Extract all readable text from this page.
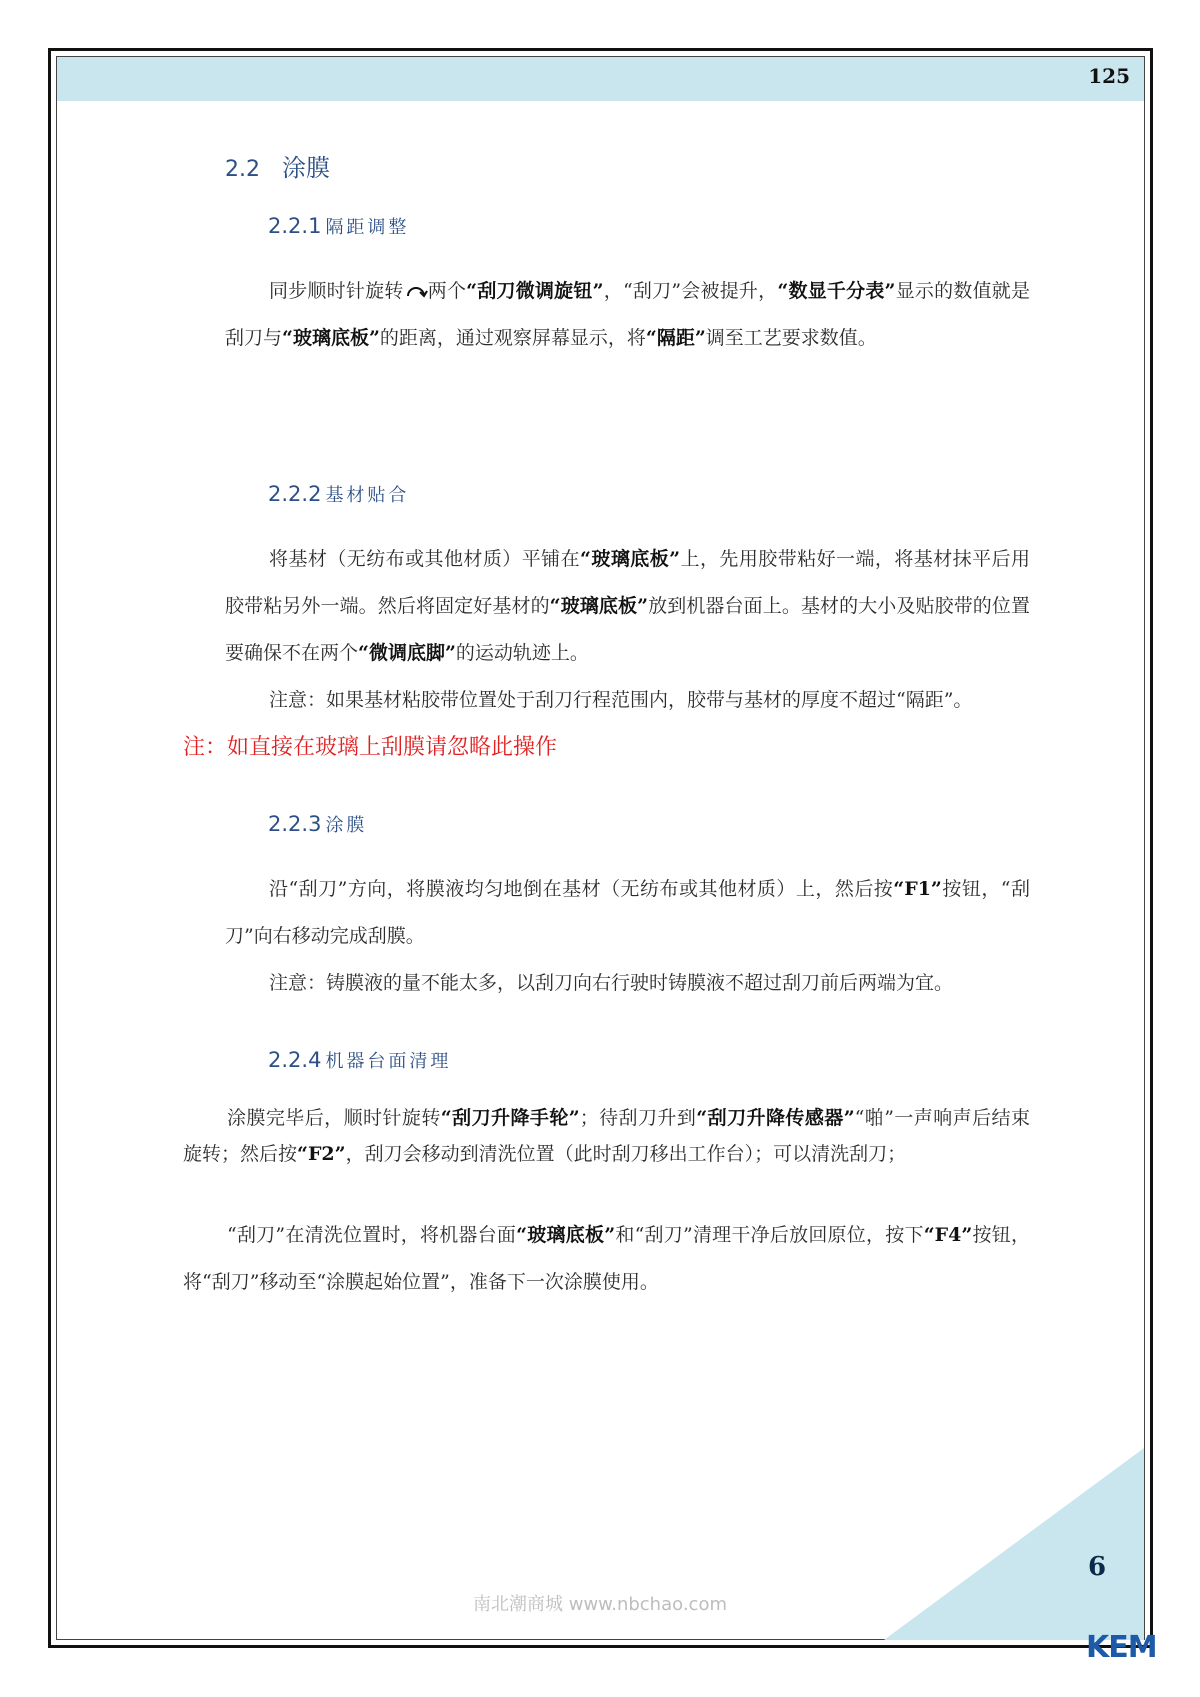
125
2.2 涂膜
2.2.1 隔距调整
同步顺时针旋转 两个“刮刀微调旋钮”，“刮刀”会被提升，“数显千分表”显示的数值就是刮刀与“玻璃底板”的距离，通过观察屏幕显示，将“隔距”调至工艺要求数值。
2.2.2 基材贴合
将基材（无纺布或其他材质）平铺在“玻璃底板”上，先用胶带粘好一端，将基材抹平后用胶带粘另外一端。然后将固定好基材的“玻璃底板”放到机器台面上。基材的大小及贴胶带的位置要确保不在两个“微调底脚”的运动轨迹上。
注意：如果基材粘胶带位置处于刮刀行程范围内，胶带与基材的厚度不超过“隔距”。
注：如直接在玻璃上刮膜请忽略此操作
2.2.3 涂膜
沿“刮刀”方向，将膜液均匀地倒在基材（无纺布或其他材质）上，然后按“F1”按钮，“刮刀”向右移动完成刮膜。
注意：铸膜液的量不能太多，以刮刀向右行驶时铸膜液不超过刮刀前后两端为宜。
2.2.4 机器台面清理
涂膜完毕后，顺时针旋转“刮刀升降手轮”；待刮刀升到“刮刀升降传感器”“啪”一声响声后结束旋转；然后按“F2”，刮刀会移动到清洗位置（此时刮刀移出工作台）；可以清洗刮刀；
“刮刀”在清洗位置时，将机器台面“玻璃底板”和“刮刀”清理干净后放回原位，按下“F4”按钮，将“刮刀”移动至“涂膜起始位置”，准备下一次涂膜使用。
6
KEM
南北潮商城 www.nbchao.com
